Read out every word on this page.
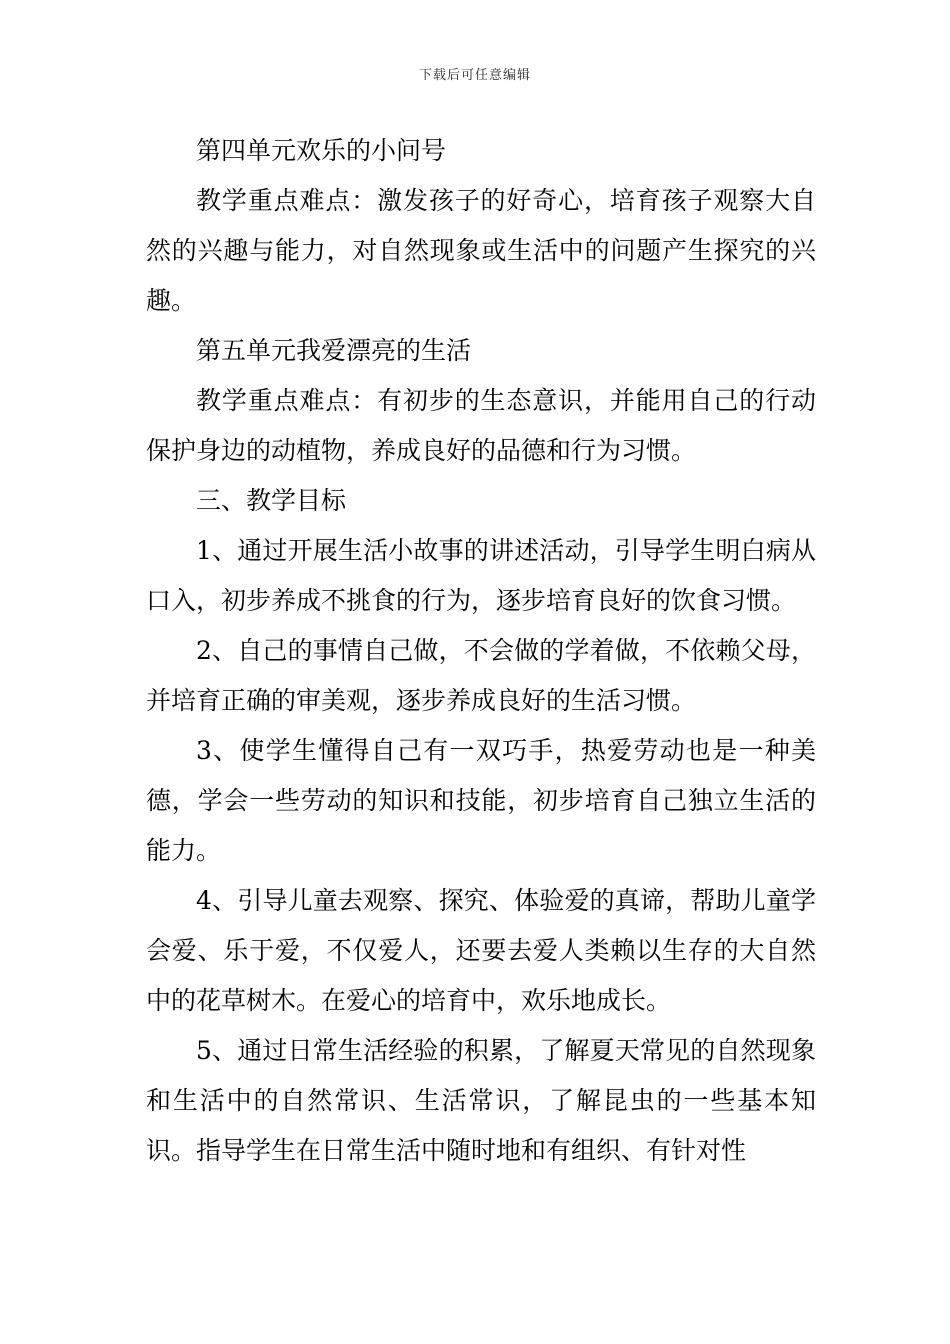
下载后可任意编辑

第四单元欢乐的小问号

教学重点难点：激发孩子的好奇心，培育孩子观察大自然的兴趣与能力，对自然现象或生活中的问题产生探究的兴趣。

第五单元我爱漂亮的生活

教学重点难点：有初步的生态意识，并能用自己的行动保护身边的动植物，养成良好的品德和行为习惯。

三、教学目标

1、通过开展生活小故事的讲述活动，引导学生明白病从口入，初步养成不挑食的行为，逐步培育良好的饮食习惯。

2、自己的事情自己做，不会做的学着做，不依赖父母，并培育正确的审美观，逐步养成良好的生活习惯。

3、使学生懂得自己有一双巧手，热爱劳动也是一种美德，学会一些劳动的知识和技能，初步培育自己独立生活的能力。

4、引导儿童去观察、探究、体验爱的真谛，帮助儿童学会爱、乐于爱，不仅爱人，还要去爱人类赖以生存的大自然中的花草树木。在爱心的培育中，欢乐地成长。

5、通过日常生活经验的积累，了解夏天常见的自然现象和生活中的自然常识、生活常识，了解昆虫的一些基本知识。指导学生在日常生活中随时地和有组织、有针对性
